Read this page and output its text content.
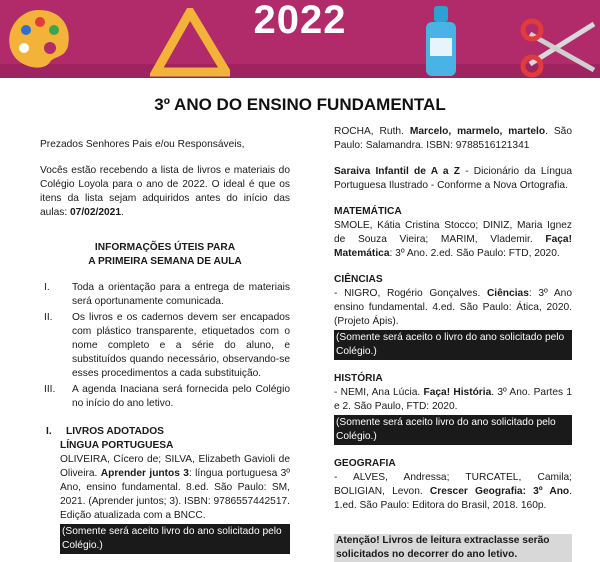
2022
3º ANO DO ENSINO FUNDAMENTAL

Prezados Senhores Pais e/ou Responsáveis,

Vocês estão recebendo a lista de livros e materiais do Colégio Loyola para o ano de 2022. O ideal é que os itens da lista sejam adquiridos antes do início das aulas: 07/02/2021.

INFORMAÇÕES ÚTEIS PARA

A PRIMEIRA SEMANA DE AULA

I.	Toda a orientação para a entrega de materiais será oportunamente comunicada.
II.	Os livros e os cadernos devem ser encapados com plástico transparente, etiquetados com o nome completo e a série do aluno, e substituídos quando necessário, observando-se esses procedimentos a cada substituição.
III.	A agenda Inaciana será fornecida pelo Colégio no início do ano letivo.
I.	LIVROS ADOTADOS

LÍNGUA PORTUGUESA

OLIVEIRA, Cícero de; SILVA, Elizabeth Gavioli de Oliveira. Aprender juntos 3: língua portuguesa 3º Ano, ensino fundamental. 8.ed. São Paulo: SM, 2021. (Aprender juntos; 3). ISBN: 9786557442517. Edição atualizada com a BNCC.

(Somente será aceito livro do ano solicitado pelo Colégio.)

ROCHA, Ruth. Marcelo, marmelo, martelo. São Paulo: Salamandra. ISBN: 9788516121341

Saraiva Infantil de A a Z - Dicionário da Língua Portuguesa Ilustrado - Conforme a Nova Ortografia.

MATEMÁTICA

SMOLE, Kátia Cristina Stocco; DINIZ, Maria Ignez de Souza Vieira; MARIM, Vlademir. Faça! Matemática: 3º Ano. 2.ed. São Paulo: FTD, 2020.

CIÊNCIAS

- NIGRO, Rogério Gonçalves. Ciências: 3º Ano ensino fundamental. 4.ed. São Paulo: Ática, 2020. (Projeto Ápis).

(Somente será aceito o livro do ano solicitado pelo Colégio.)

HISTÓRIA

- NEMI, Ana Lúcia. Faça! História. 3º Ano. Partes 1 e 2. São Paulo, FTD: 2020.

(Somente será aceito livro do ano solicitado pelo Colégio.)

GEOGRAFIA

- ALVES, Andressa; TURCATEL, Camila; BOLIGIAN, Levon. Crescer Geografia: 3º Ano. 1.ed. São Paulo: Editora do Brasil, 2018. 160p.

Atenção! Livros de leitura extraclasse serão solicitados no decorrer do ano letivo.
